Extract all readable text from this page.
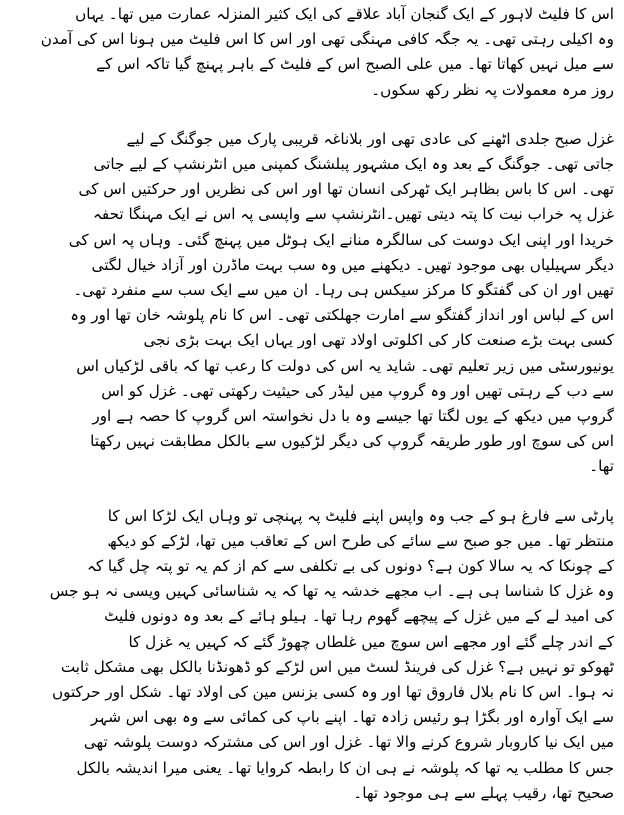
اس کا فلیٹ لاہور کے ایک گنجان آباد علاقے کی ایک کثیر المنزلہ عمارت میں تھا۔ یہاں
وہ اکیلی رہتی تھی۔ یہ جگہ کافی مہنگی تھی اور اس کا اس فلیٹ میں ہونا اس کی آمدن
سے میل نہیں کھاتا تھا۔ میں علی الصبح اس کے فلیٹ کے باہر پہنچ گیا تاکہ اس کے
روز مرہ معمولات پہ نظر رکھ سکوں۔
غزل صبح جلدی اٹھنے کی عادی تھی اور بلاناغہ قریبی پارک میں جوگنگ کے لیے
جاتی تھی۔ جوگنگ کے بعد وہ ایک مشہور پبلشنگ کمپنی میں انٹرنشپ کے لیے جاتی
تھی۔ اس کا باس بظاہر ایک ٹھرکی انسان تھا اور اس کی نظریں اور حرکتیں اس کی
غزل پہ خراب نیت کا پتہ دیتی تھیں۔انٹرنشپ سے واپسی پہ اس نے ایک مہنگا تحفہ
خریدا اور اپنی ایک دوست کی سالگرہ منانے ایک ہوٹل میں پہنچ گئی۔ وہاں پہ اس کی
دیگر سہیلیاں بھی موجود تھیں۔ دیکھنے میں وہ سب بہت ماڈرن اور آزاد خیال لگتی
تھیں اور ان کی گفتگو کا مرکز سیکس ہی رہا۔ ان میں سے ایک سب سے منفرد تھی۔
اس کے لباس اور انداز گفتگو سے امارت جھلکتی تھی۔ اس کا نام پلوشہ خان تھا اور وہ
کسی بہت بڑے صنعت کار کی اکلوتی اولاد تھی اور یہاں ایک بہت بڑی نجی
یونیورسٹی میں زیر تعلیم تھی۔ شاید یہ اس کی دولت کا رعب تھا کہ باقی لڑکیاں اس
سے دب کے رہتی تھیں اور وہ گروپ میں لیڈر کی حیثیت رکھتی تھی۔ غزل کو اس
گروپ میں دیکھ کے یوں لگتا تھا جیسے وہ با دل نخواستہ اس گروپ کا حصہ ہے اور
اس کی سوچ اور طور طریقہ گروپ کی دیگر لڑکیوں سے بالکل مطابقت نہیں رکھتا
تھا۔
پارٹی سے فارغ ہو کے جب وہ واپس اپنے فلیٹ پہ پہنچی تو وہاں ایک لڑکا اس کا
منتظر تھا۔ میں جو صبح سے سائے کی طرح اس کے تعاقب میں تھا، لڑکے کو دیکھ
کے چونکا کہ یہ سالا کون ہے؟ دونوں کی بے تکلفی سے کم از کم یہ تو پتہ چل گیا کہ
وہ غزل کا شناسا ہی ہے۔ اب مجھے خدشہ یہ تھا کہ یہ شناسائی کہیں ویسی نہ ہو جس
کی امید لے کے میں غزل کے پیچھے گھوم رہا تھا۔ ہیلو ہائے کے بعد وہ دونوں فلیٹ
کے اندر چلے گئے اور مجھے اس سوچ میں غلطاں چھوڑ گئے کہ کہیں یہ غزل کا
ٹھوکو تو نہیں ہے؟ غزل کی فرینڈ لسٹ میں اس لڑکے کو ڈھونڈنا بالکل بھی مشکل ثابت
نہ ہوا۔ اس کا نام بلال فاروق تھا اور وہ کسی بزنس مین کی اولاد تھا۔ شکل اور حرکتوں
سے ایک آوارہ اور بگڑا ہو رئیس زادہ تھا۔ اپنے باپ کی کمائی سے وہ بھی اس شہر
میں ایک نیا کاروبار شروع کرنے والا تھا۔ غزل اور اس کی مشترکہ دوست پلوشہ تھی
جس کا مطلب یہ تھا کہ پلوشہ نے ہی ان کا رابطہ کروایا تھا۔ یعنی میرا اندیشہ بالکل
صحیح تھا، رقیب پہلے سے ہی موجود تھا۔
